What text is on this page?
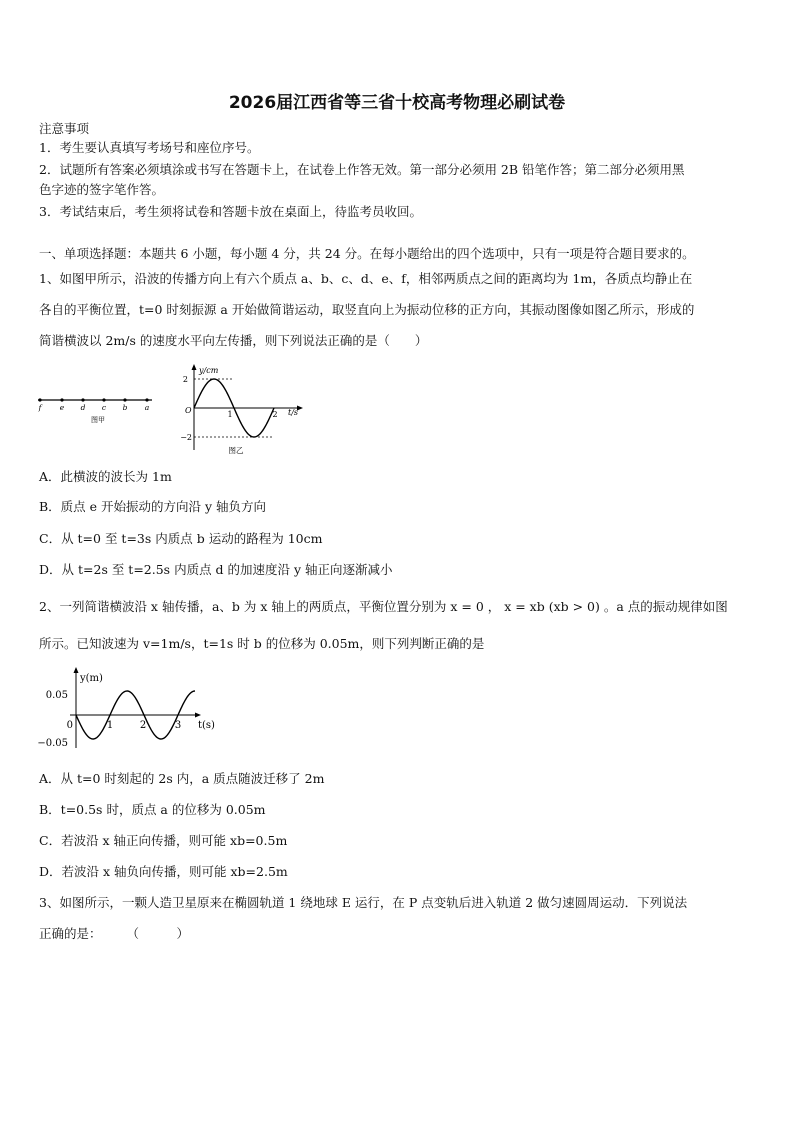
2026届江西省等三省十校高考物理必刷试卷
注意事项
1．考生要认真填写考场号和座位序号。
2．试题所有答案必须填涂或书写在答题卡上，在试卷上作答无效。第一部分必须用 2B 铅笔作答；第二部分必须用黑
色字迹的签字笔作答。
3．考试结束后，考生须将试卷和答题卡放在桌面上，待监考员收回。
一、单项选择题：本题共 6 小题，每小题 4 分，共 24 分。在每小题给出的四个选项中，只有一项是符合题目要求的。
1、如图甲所示，沿波的传播方向上有六个质点 a、b、c、d、e、f，相邻两质点之间的距离均为 1m，各质点均静止在
各自的平衡位置，t=0 时刻振源 a 开始做简谐运动，取竖直向上为振动位移的正方向，其振动图像如图乙所示，形成的
简谐横波以 2m/s 的速度水平向左传播，则下列说法正确的是（　　）
f e d c b a
图甲
y/cm
t/s
O
2
−2
1	2
图乙
A．此横波的波长为 1m
B．质点 e 开始振动的方向沿 y 轴负方向
C．从 t=0 至 t=3s 内质点 b 运动的路程为 10cm
D．从 t=2s 至 t=2.5s 内质点 d 的加速度沿 y 轴正向逐渐减小
2、一列简谐横波沿 x 轴传播，a、b 为 x 轴上的两质点，平衡位置分别为 x = 0 ， x = xb (xb > 0) 。a 点的振动规律如图
所示。已知波速为 v=1m/s，t=1s 时 b 的位移为 0.05m，则下列判断正确的是
y(m)
t(s)
0
0.05
−0.05
1	2	3
A．从 t=0 时刻起的 2s 内，a 质点随波迁移了 2m
B．t=0.5s 时，质点 a 的位移为 0.05m
C．若波沿 x 轴正向传播，则可能 xb=0.5m
D．若波沿 x 轴负向传播，则可能 xb=2.5m
3、如图所示，一颗人造卫星原来在椭圆轨道 1 绕地球 E 运行，在 P 点变轨后进入轨道 2 做匀速圆周运动．下列说法
正确的是：　　　（　　　）
